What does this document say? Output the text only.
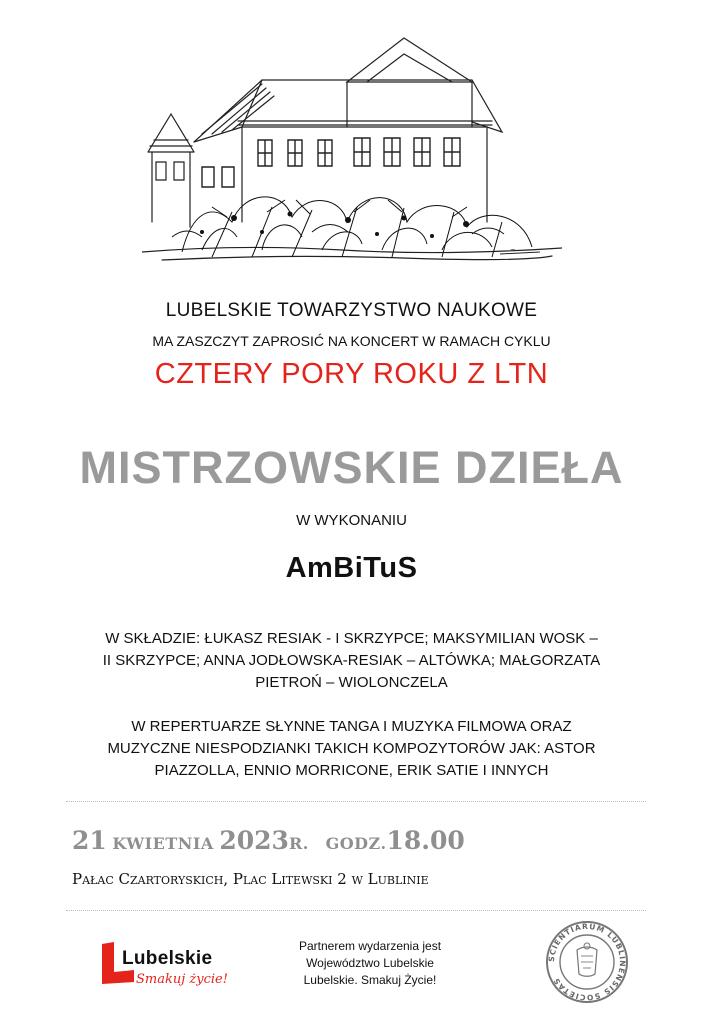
~
LUBELSKIE TOWARZYSTWO NAUKOWE
MA ZASZCZYT ZAPROSIĆ NA KONCERT W RAMACH CYKLU
CZTERY PORY ROKU Z LTN
MISTRZOWSKIE DZIEŁA
W WYKONANIU
AmBiTuS
W SKŁADZIE: ŁUKASZ RESIAK - I SKRZYPCE; MAKSYMILIAN WOSK –
II SKRZYPCE; ANNA JODŁOWSKA-RESIAK – ALTÓWKA; MAŁGORZATA
PIETROŃ – WIOLONCZELA
W REPERTUARZE SŁYNNE TANGA I MUZYKA FILMOWA ORAZ
MUZYCZNE NIESPODZIANKI TAKICH KOMPOZYTORÓW JAK: ASTOR
PIAZZOLLA, ENNIO MORRICONE, ERIK SATIE I INNYCH
21 KWIETNIA 2023R. GODZ.18.00
Pałac Czartoryskich, Plac Litewski 2 w Lublinie
Lubelskie
Smakuj życie!
Partnerem wydarzenia jest
Województwo Lubelskie
Lubelskie. Smakuj Życie!
SCIENTIARUM LUBLINENSIS SOCIETAS
